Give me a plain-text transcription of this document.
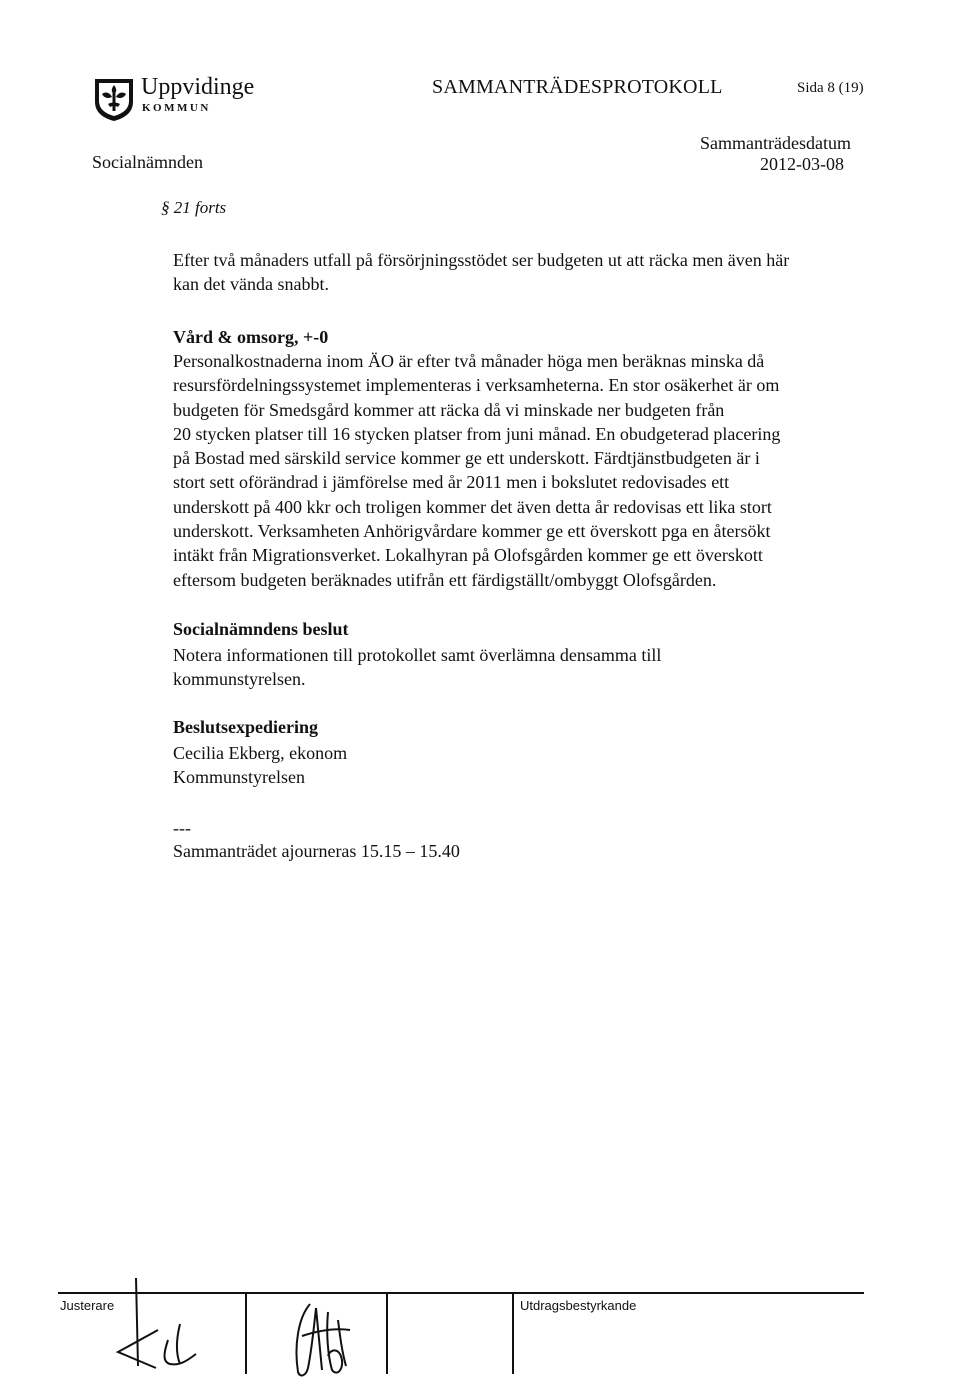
Uppvidinge
KOMMUN
SAMMANTRÄDESPROTOKOLL	Sida 8 (19)
Socialnämnden
Sammanträdesdatum
2012-03-08
§ 21 forts
Efter två månaders utfall på försörjningsstödet ser budgeten ut att räcka men även här
kan det vända snabbt.
Vård & omsorg, +-0
Personalkostnaderna inom ÄO är efter två månader höga men beräknas minska då
resursfördelningssystemet implementeras i verksamheterna. En stor osäkerhet är om
budgeten för Smedsgård kommer att räcka då vi minskade ner budgeten från
20 stycken platser till 16 stycken platser from juni månad. En obudgeterad placering
på Bostad med särskild service kommer ge ett underskott. Färdtjänstbudgeten är i
stort sett oförändrad i jämförelse med år 2011 men i bokslutet redovisades ett
underskott på 400 kkr och troligen kommer det även detta år redovisas ett lika stort
underskott. Verksamheten Anhörigvårdare kommer ge ett överskott pga en återsökt
intäkt från Migrationsverket. Lokalhyran på Olofsgården kommer ge ett överskott
eftersom budgeten beräknades utifrån ett färdigställt/ombyggt Olofsgården.
Socialnämndens beslut
Notera informationen till protokollet samt överlämna densamma till
kommunstyrelsen.
Beslutsexpediering
Cecilia Ekberg, ekonom
Kommunstyrelsen
---
Sammanträdet ajourneras 15.15 – 15.40
Justerare	Utdragsbestyrkande
